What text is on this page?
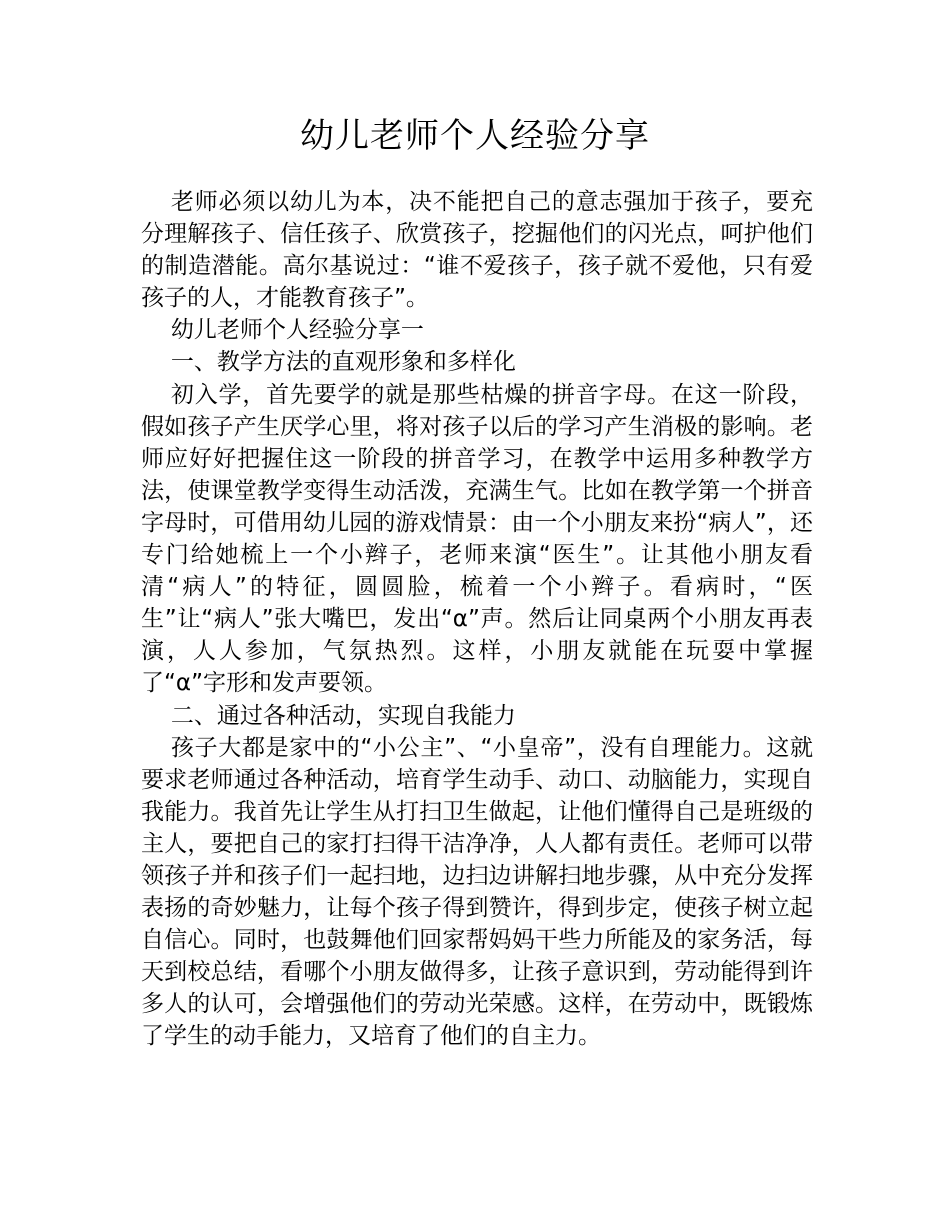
幼儿老师个人经验分享

老师必须以幼儿为本，决不能把自己的意志强加于孩子，要充分理解孩子、信任孩子、欣赏孩子，挖掘他们的闪光点，呵护他们的制造潜能。高尔基说过：“谁不爱孩子，孩子就不爱他，只有爱孩子的人，才能教育孩子”。

幼儿老师个人经验分享一

一、教学方法的直观形象和多样化

初入学，首先要学的就是那些枯燥的拼音字母。在这一阶段，假如孩子产生厌学心里，将对孩子以后的学习产生消极的影响。老师应好好把握住这一阶段的拼音学习，在教学中运用多种教学方法，使课堂教学变得生动活泼，充满生气。比如在教学第一个拼音字母时，可借用幼儿园的游戏情景：由一个小朋友来扮“病人”，还专门给她梳上一个小辫子，老师来演“医生”。让其他小朋友看清“病人”的特征，圆圆脸，梳着一个小辫子。看病时，“医生”让“病人”张大嘴巴，发出“α”声。然后让同桌两个小朋友再表演，人人参加，气氛热烈。这样，小朋友就能在玩耍中掌握了“α”字形和发声要领。

二、通过各种活动，实现自我能力

孩子大都是家中的“小公主”、“小皇帝”，没有自理能力。这就要求老师通过各种活动，培育学生动手、动口、动脑能力，实现自我能力。我首先让学生从打扫卫生做起，让他们懂得自己是班级的主人，要把自己的家打扫得干洁净净，人人都有责任。老师可以带领孩子并和孩子们一起扫地，边扫边讲解扫地步骤，从中充分发挥表扬的奇妙魅力，让每个孩子得到赞许，得到步定，使孩子树立起自信心。同时，也鼓舞他们回家帮妈妈干些力所能及的家务活，每天到校总结，看哪个小朋友做得多，让孩子意识到，劳动能得到许多人的认可，会增强他们的劳动光荣感。这样，在劳动中，既锻炼了学生的动手能力，又培育了他们的自主力。
